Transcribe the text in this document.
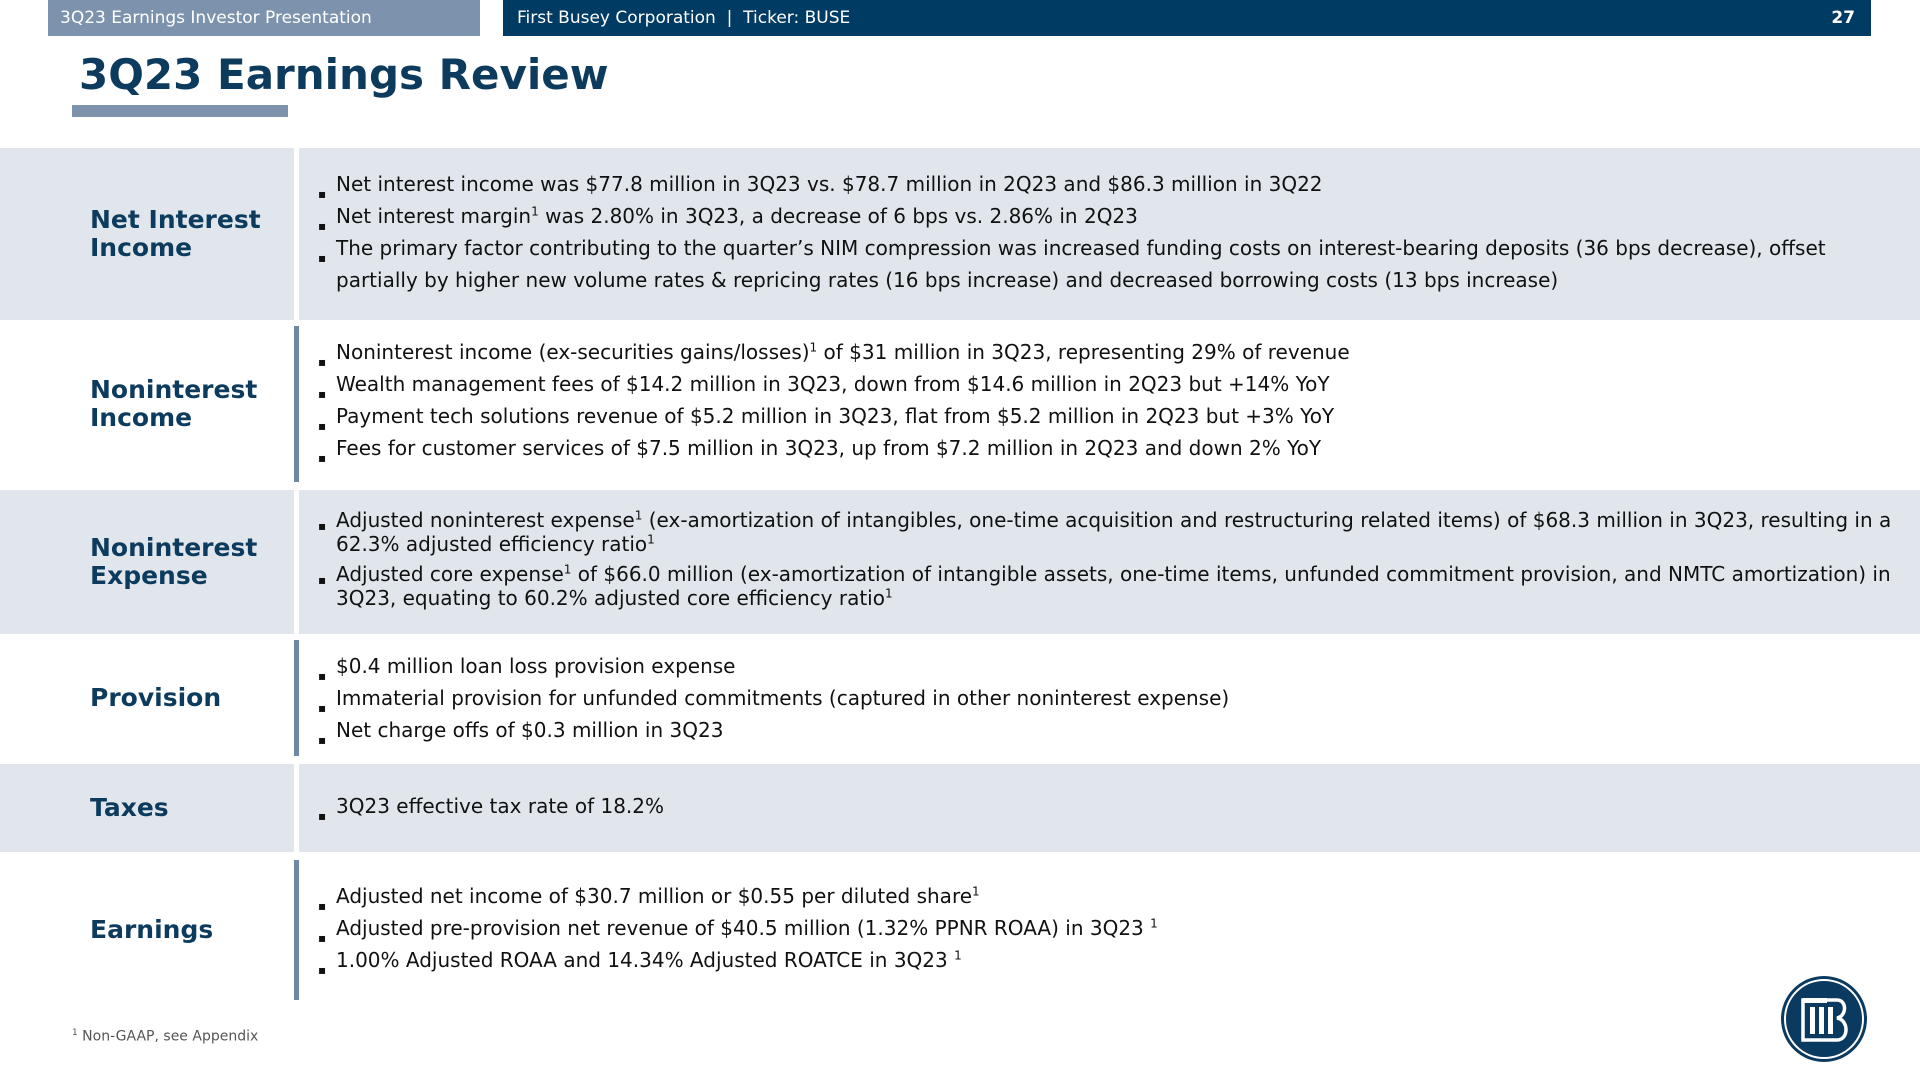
3Q23 Earnings Investor Presentation	First Busey Corporation  |  Ticker: BUSE	27
3Q23 Earnings Review
Net Interest
Income
▪ Net interest income was $77.8 million in 3Q23 vs. $78.7 million in 2Q23 and $86.3 million in 3Q22
▪ Net interest margin$^1$ was 2.80% in 3Q23, a decrease of 6 bps vs. 2.86% in 2Q23
▪ The primary factor contributing to the quarter’s NIM compression was increased funding costs on interest-bearing deposits (36 bps decrease), offset partially by higher new volume rates & repricing rates (16 bps increase) and decreased borrowing costs (13 bps increase)
Noninterest
Income
▪ Noninterest income (ex-securities gains/losses)$^1$ of $31 million in 3Q23, representing 29% of revenue
▪ Wealth management fees of $14.2 million in 3Q23, down from $14.6 million in 2Q23 but +14% YoY
▪ Payment tech solutions revenue of $5.2 million in 3Q23, flat from $5.2 million in 2Q23 but +3% YoY
▪ Fees for customer services of $7.5 million in 3Q23, up from $7.2 million in 2Q23 and down 2% YoY
Noninterest
Expense
▪ Adjusted noninterest expense$^1$ (ex-amortization of intangibles, one-time acquisition and restructuring related items) of $68.3 million in 3Q23, resulting in a 62.3% adjusted efficiency ratio$^1$
▪ Adjusted core expense$^1$ of $66.0 million (ex-amortization of intangible assets, one-time items, unfunded commitment provision, and NMTC amortization) in 3Q23, equating to 60.2% adjusted core efficiency ratio$^1$
Provision
▪ $0.4 million loan loss provision expense
▪ Immaterial provision for unfunded commitments (captured in other noninterest expense)
▪ Net charge offs of $0.3 million in 3Q23
Taxes
▪	3Q23 effective tax rate of 18.2%
Earnings
▪ Adjusted net income of $30.7 million or $0.55 per diluted share$^1$
▪ Adjusted pre-provision net revenue of $40.5 million (1.32% PPNR ROAA) in 3Q23 $^1$
▪ 1.00% Adjusted ROAA and 14.34% Adjusted ROATCE in 3Q23 $^1$
$^1$ Non-GAAP, see Appendix
